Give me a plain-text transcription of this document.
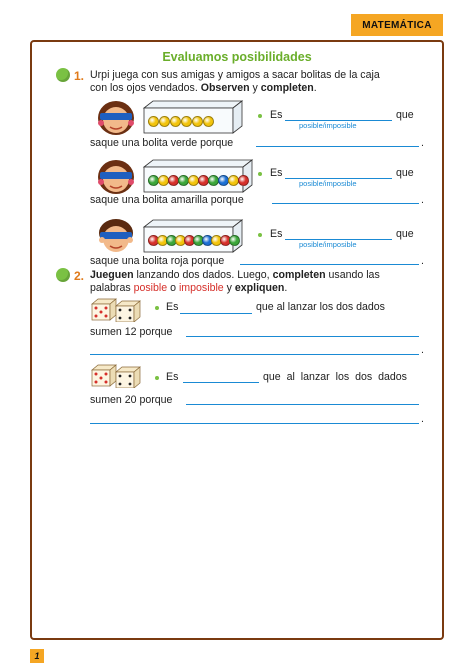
MATEMÁTICA
Evaluamos posibilidades
1. Urpi juega con sus amigas y amigos a sacar bolitas de la caja
con los ojos vendados. Observen y completen.
Es
posible/imposible
que
saque una bolita verde porque	.
Es
posible/imposible
que
saque una bolita amarilla porque	.
Es
posible/imposible
que
saque una bolita roja porque	.
2. Jueguen lanzando dos dados. Luego, completen usando las
palabras posible o imposible y expliquen.
Es	que al lanzar los dos dados
sumen 12 porque
.
Es	que al lanzar los dos dados
sumen 20 porque
.
1
